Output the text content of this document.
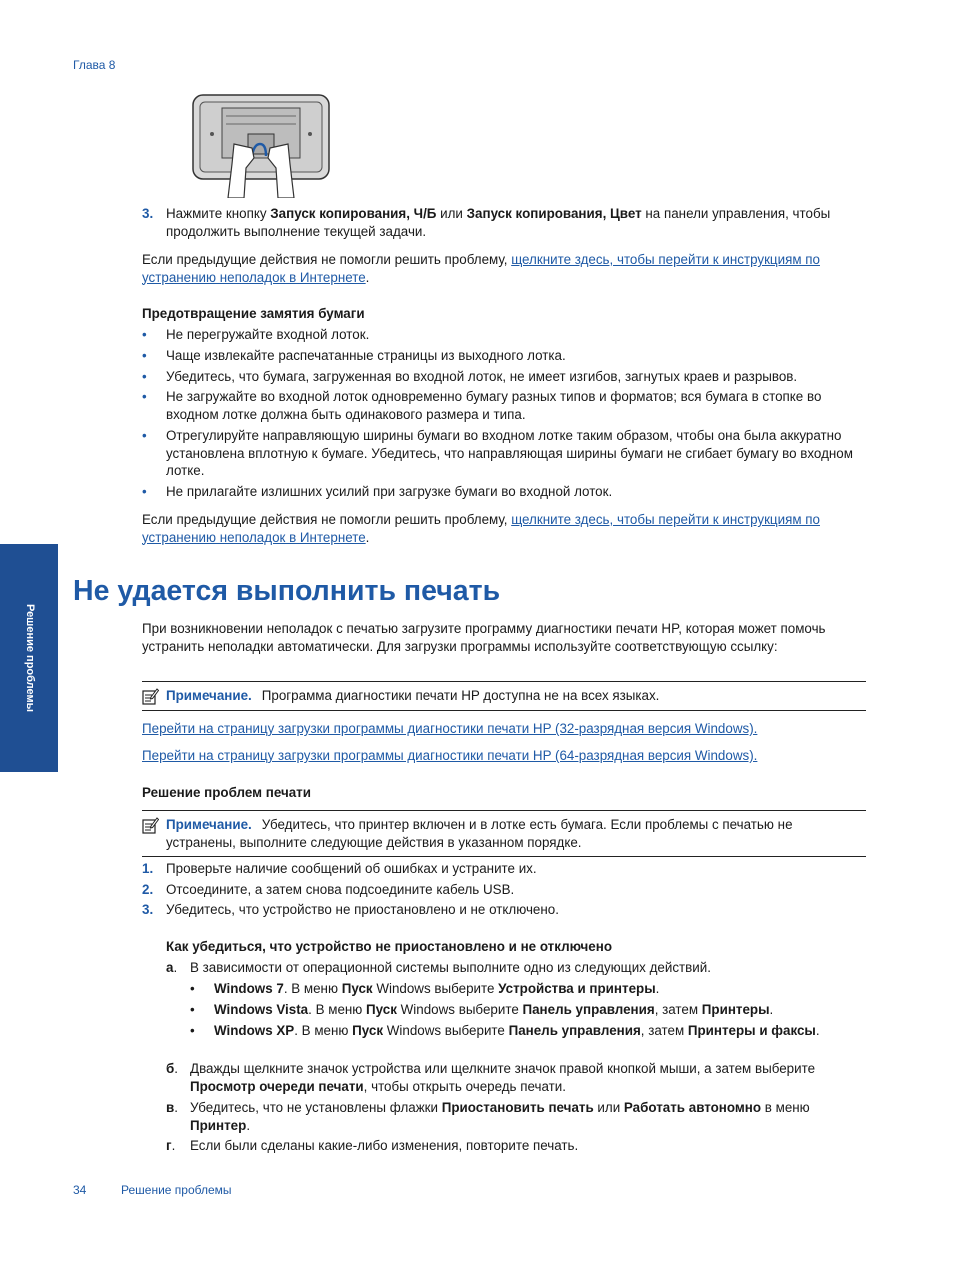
Глава 8
3. Нажмите кнопку Запуск копирования, Ч/Б или Запуск копирования, Цвет на панели управления, чтобы продолжить выполнение текущей задачи.
Если предыдущие действия не помогли решить проблему, щелкните здесь, чтобы перейти к инструкциям по устранению неполадок в Интернете.
Предотвращение замятия бумаги
•	Не перегружайте входной лоток.
•	Чаще извлекайте распечатанные страницы из выходного лотка.
•	Убедитесь, что бумага, загруженная во входной лоток, не имеет изгибов, загнутых краев и разрывов.
•	Не загружайте во входной лоток одновременно бумагу разных типов и форматов; вся бумага в стопке во входном лотке должна быть одинакового размера и типа.
•	Отрегулируйте направляющую ширины бумаги во входном лотке таким образом, чтобы она была аккуратно установлена вплотную к бумаге. Убедитесь, что направляющая ширины бумаги не сгибает бумагу во входном лотке.
•	Не прилагайте излишних усилий при загрузке бумаги во входной лоток.
Если предыдущие действия не помогли решить проблему, щелкните здесь, чтобы перейти к инструкциям по устранению неполадок в Интернете.
Решение проблемы
Не удается выполнить печать
При возникновении неполадок с печатью загрузите программу диагностики печати HP, которая может помочь устранить неполадки автоматически. Для загрузки программы используйте соответствующую ссылку:
Примечание. Программа диагностики печати HP доступна не на всех языках.
Перейти на страницу загрузки программы диагностики печати HP (32-разрядная версия Windows).
Перейти на страницу загрузки программы диагностики печати HP (64-разрядная версия Windows).
Решение проблем печати
Примечание. Убедитесь, что принтер включен и в лотке есть бумага. Если проблемы с печатью не устранены, выполните следующие действия в указанном порядке.
1. Проверьте наличие сообщений об ошибках и устраните их.
2. Отсоедините, а затем снова подсоедините кабель USB.
3. Убедитесь, что устройство не приостановлено и не отключено.
Как убедиться, что устройство не приостановлено и не отключено
а. В зависимости от операционной системы выполните одно из следующих действий.
• Windows 7. В меню Пуск Windows выберите Устройства и принтеры.
• Windows Vista. В меню Пуск Windows выберите Панель управления, затем Принтеры.
• Windows XP. В меню Пуск Windows выберите Панель управления, затем Принтеры и факсы.
б. Дважды щелкните значок устройства или щелкните значок правой кнопкой мыши, а затем выберите Просмотр очереди печати, чтобы открыть очередь печати.
в. Убедитесь, что не установлены флажки Приостановить печать или Работать автономно в меню Принтер.
г.	Если были сделаны какие-либо изменения, повторите печать.
34	Решение проблемы
